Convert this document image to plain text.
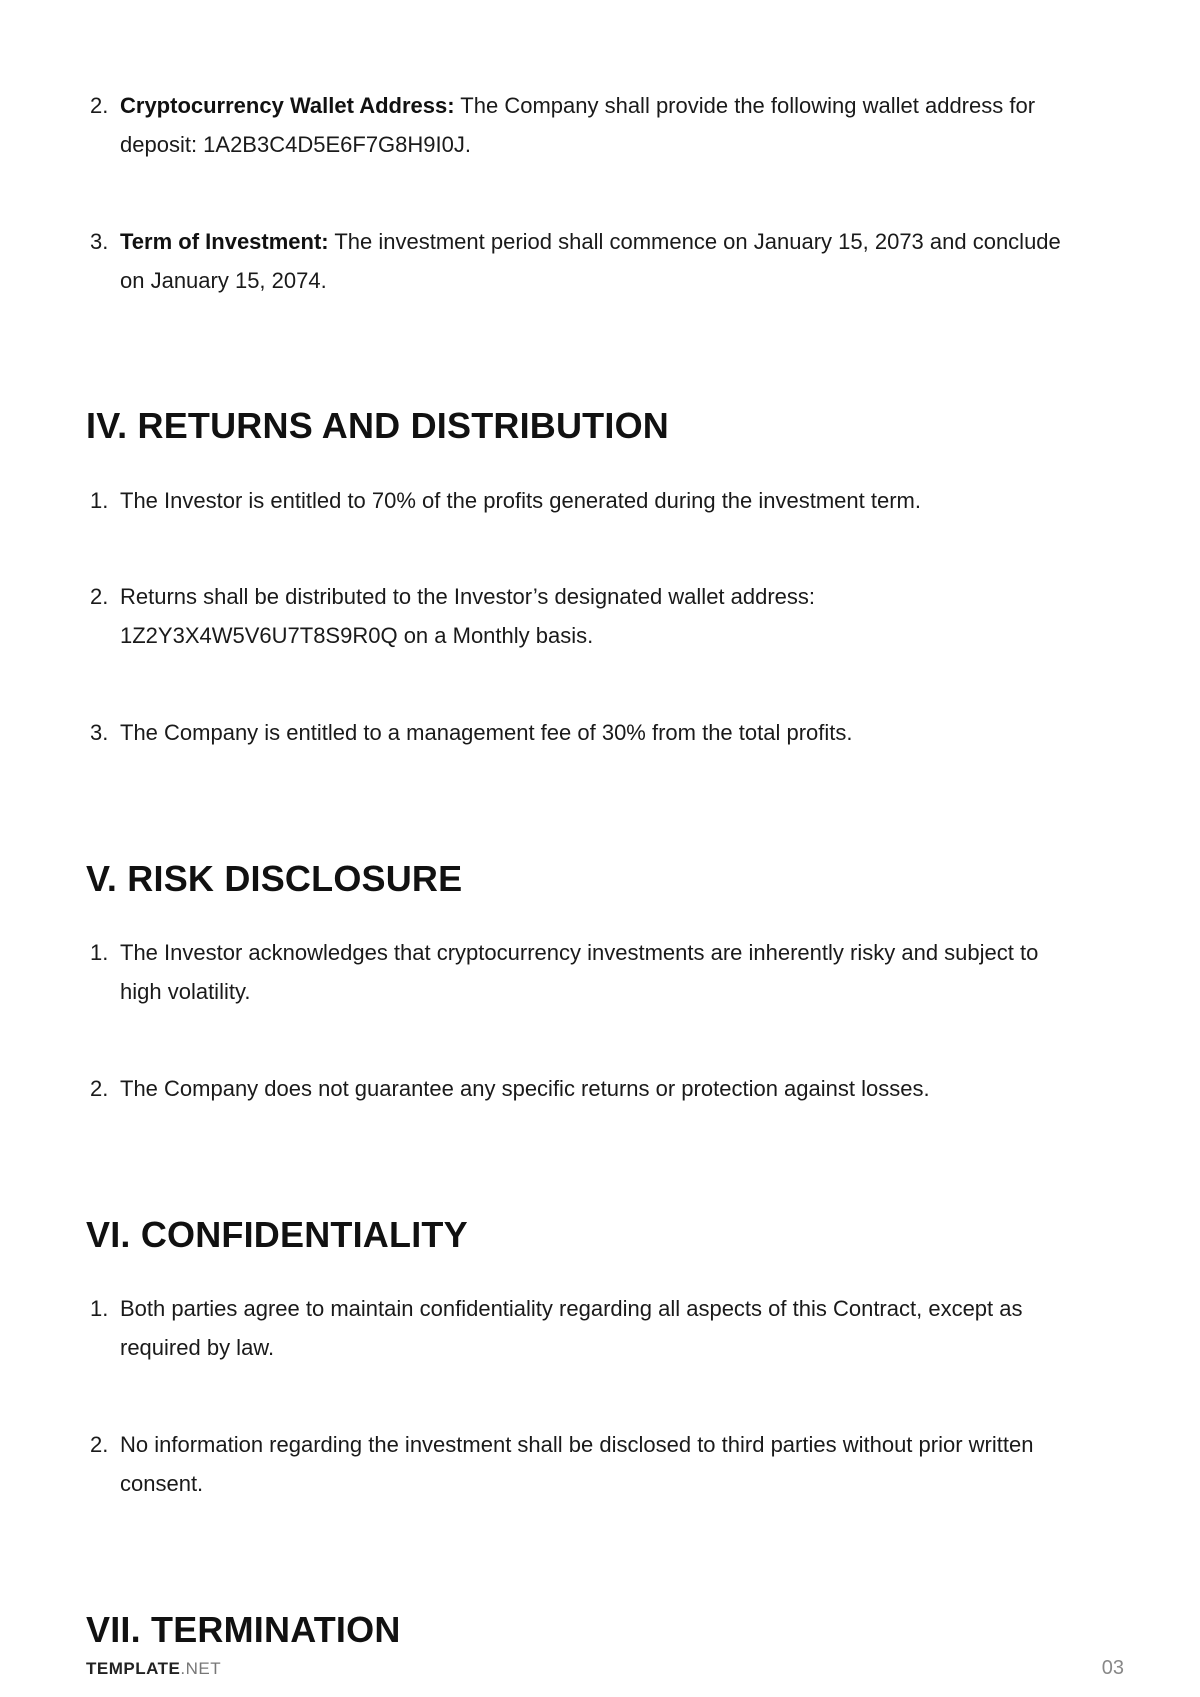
2. Cryptocurrency Wallet Address: The Company shall provide the following wallet address for deposit: 1A2B3C4D5E6F7G8H9I0J.
3. Term of Investment: The investment period shall commence on January 15, 2073 and conclude on January 15, 2074.
IV. RETURNS AND DISTRIBUTION
1. The Investor is entitled to 70% of the profits generated during the investment term.
2. Returns shall be distributed to the Investor’s designated wallet address: 1Z2Y3X4W5V6U7T8S9R0Q on a Monthly basis.
3. The Company is entitled to a management fee of 30% from the total profits.
V. RISK DISCLOSURE
1. The Investor acknowledges that cryptocurrency investments are inherently risky and subject to high volatility.
2. The Company does not guarantee any specific returns or protection against losses.
VI. CONFIDENTIALITY
1. Both parties agree to maintain confidentiality regarding all aspects of this Contract, except as required by law.
2. No information regarding the investment shall be disclosed to third parties without prior written consent.
VII. TERMINATION
TEMPLATE.NET	03
